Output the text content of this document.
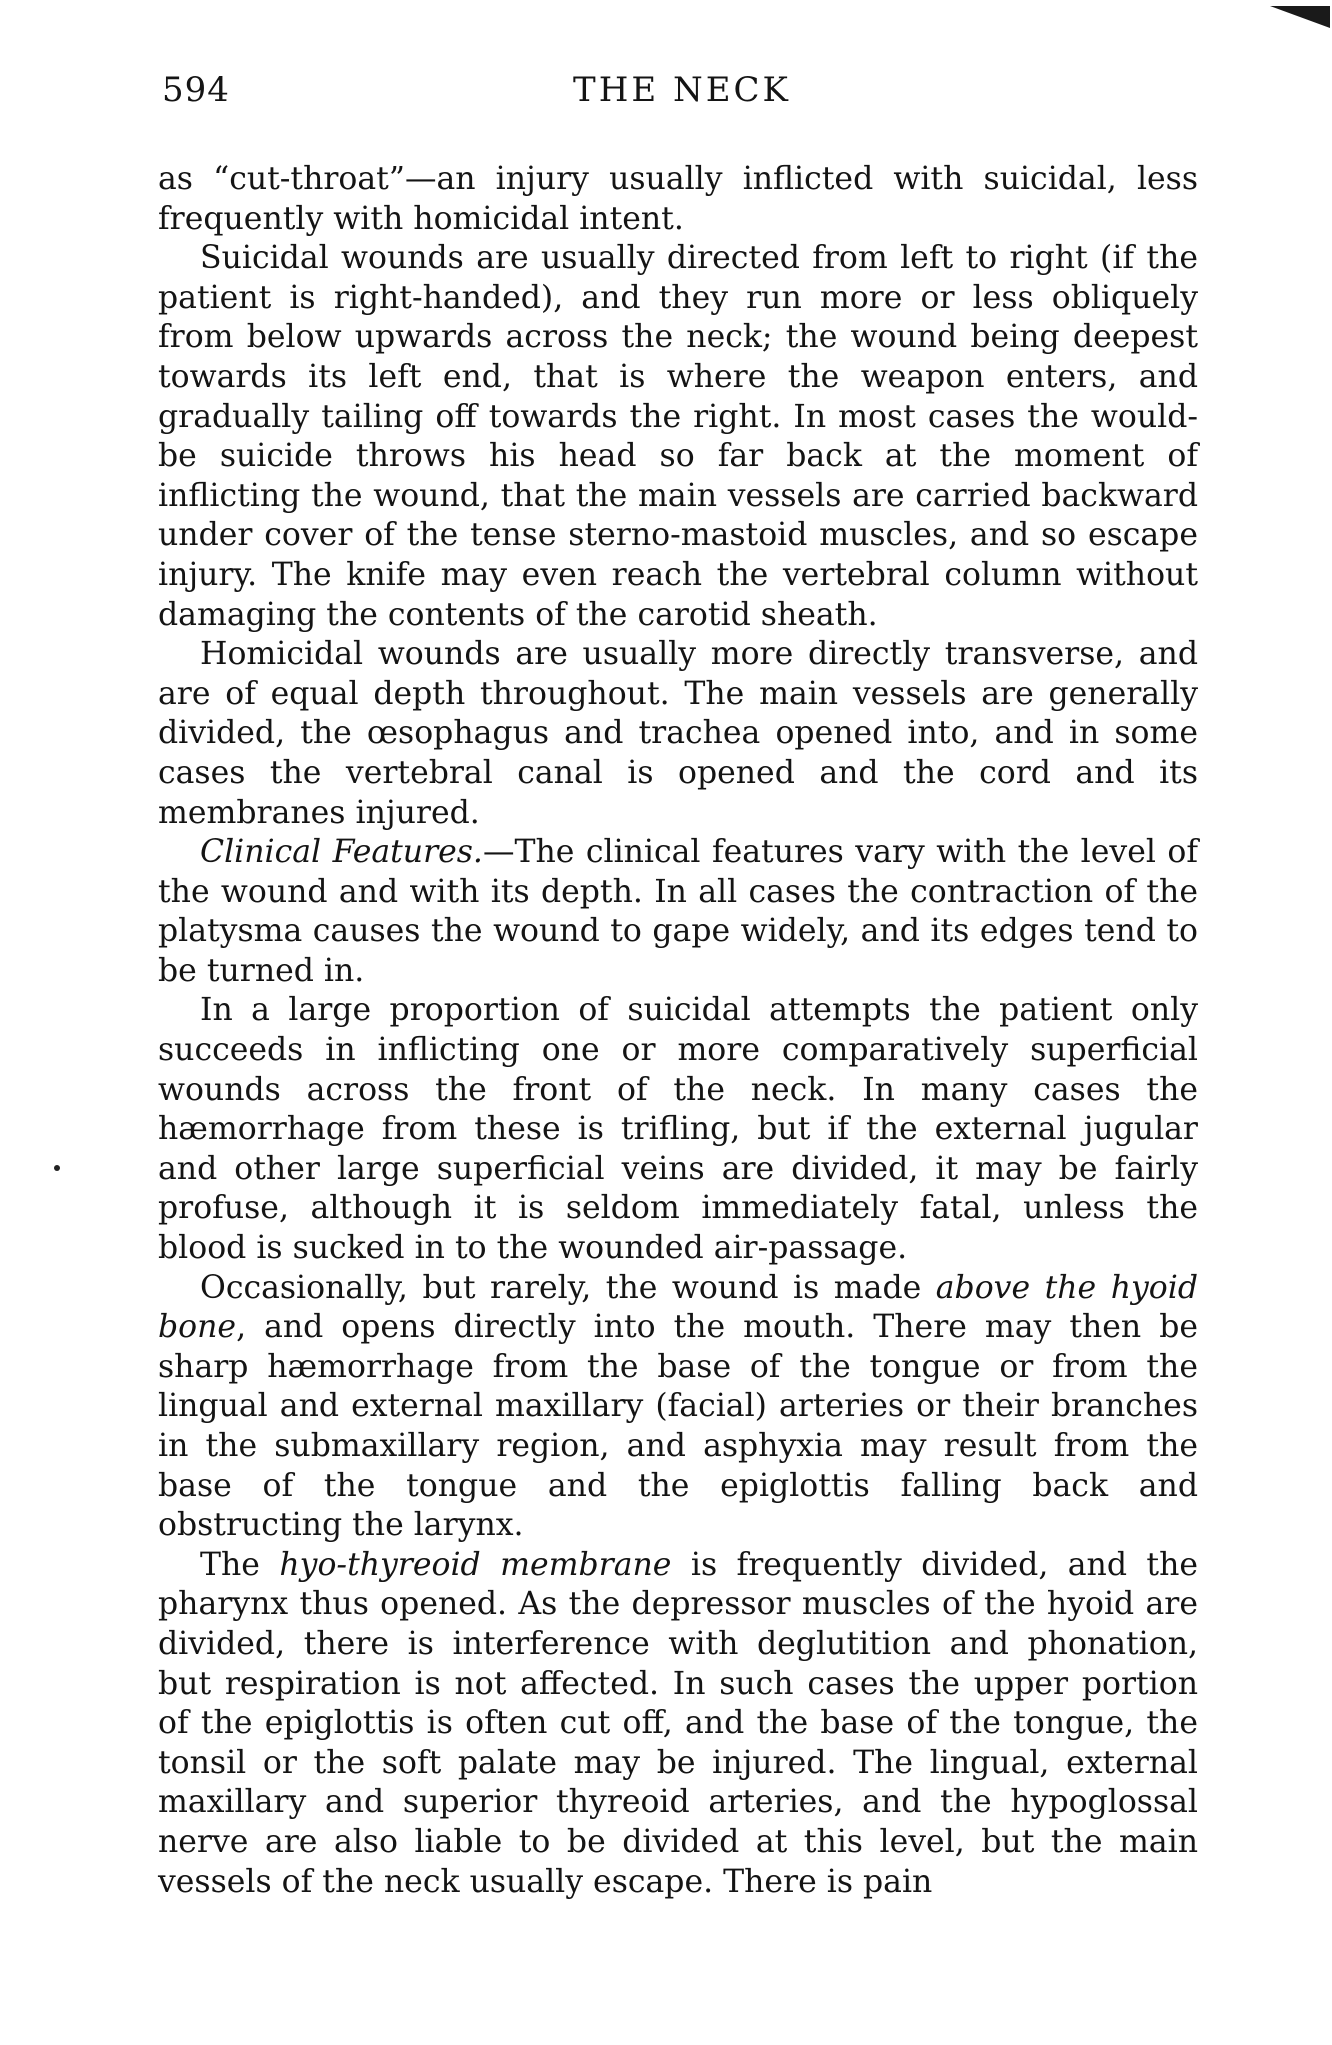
594	THE NECK

as “cut-throat”—an injury usually inflicted with suicidal, less frequently with homicidal intent.

Suicidal wounds are usually directed from left to right (if the patient is right-handed), and they run more or less obliquely from below upwards across the neck; the wound being deepest towards its left end, that is where the weapon enters, and gradually tailing off towards the right. In most cases the would-be suicide throws his head so far back at the moment of inflicting the wound, that the main vessels are carried backward under cover of the tense sterno-mastoid muscles, and so escape injury. The knife may even reach the vertebral column without damaging the contents of the carotid sheath.

Homicidal wounds are usually more directly transverse, and are of equal depth throughout. The main vessels are generally divided, the œsophagus and trachea opened into, and in some cases the vertebral canal is opened and the cord and its membranes injured.

Clinical Features.—The clinical features vary with the level of the wound and with its depth. In all cases the contraction of the platysma causes the wound to gape widely, and its edges tend to be turned in.

In a large proportion of suicidal attempts the patient only succeeds in inflicting one or more comparatively superficial wounds across the front of the neck. In many cases the hæmorrhage from these is trifling, but if the external jugular and other large superficial veins are divided, it may be fairly profuse, although it is seldom immediately fatal, unless the blood is sucked in to the wounded air-passage.

Occasionally, but rarely, the wound is made above the hyoid bone, and opens directly into the mouth. There may then be sharp hæmorrhage from the base of the tongue or from the lingual and external maxillary (facial) arteries or their branches in the submaxillary region, and asphyxia may result from the base of the tongue and the epiglottis falling back and obstructing the larynx.

The hyo-thyreoid membrane is frequently divided, and the pharynx thus opened. As the depressor muscles of the hyoid are divided, there is interference with deglutition and phonation, but respiration is not affected. In such cases the upper portion of the epiglottis is often cut off, and the base of the tongue, the tonsil or the soft palate may be injured. The lingual, external maxillary and superior thyreoid arteries, and the hypoglossal nerve are also liable to be divided at this level, but the main vessels of the neck usually escape. There is pain
